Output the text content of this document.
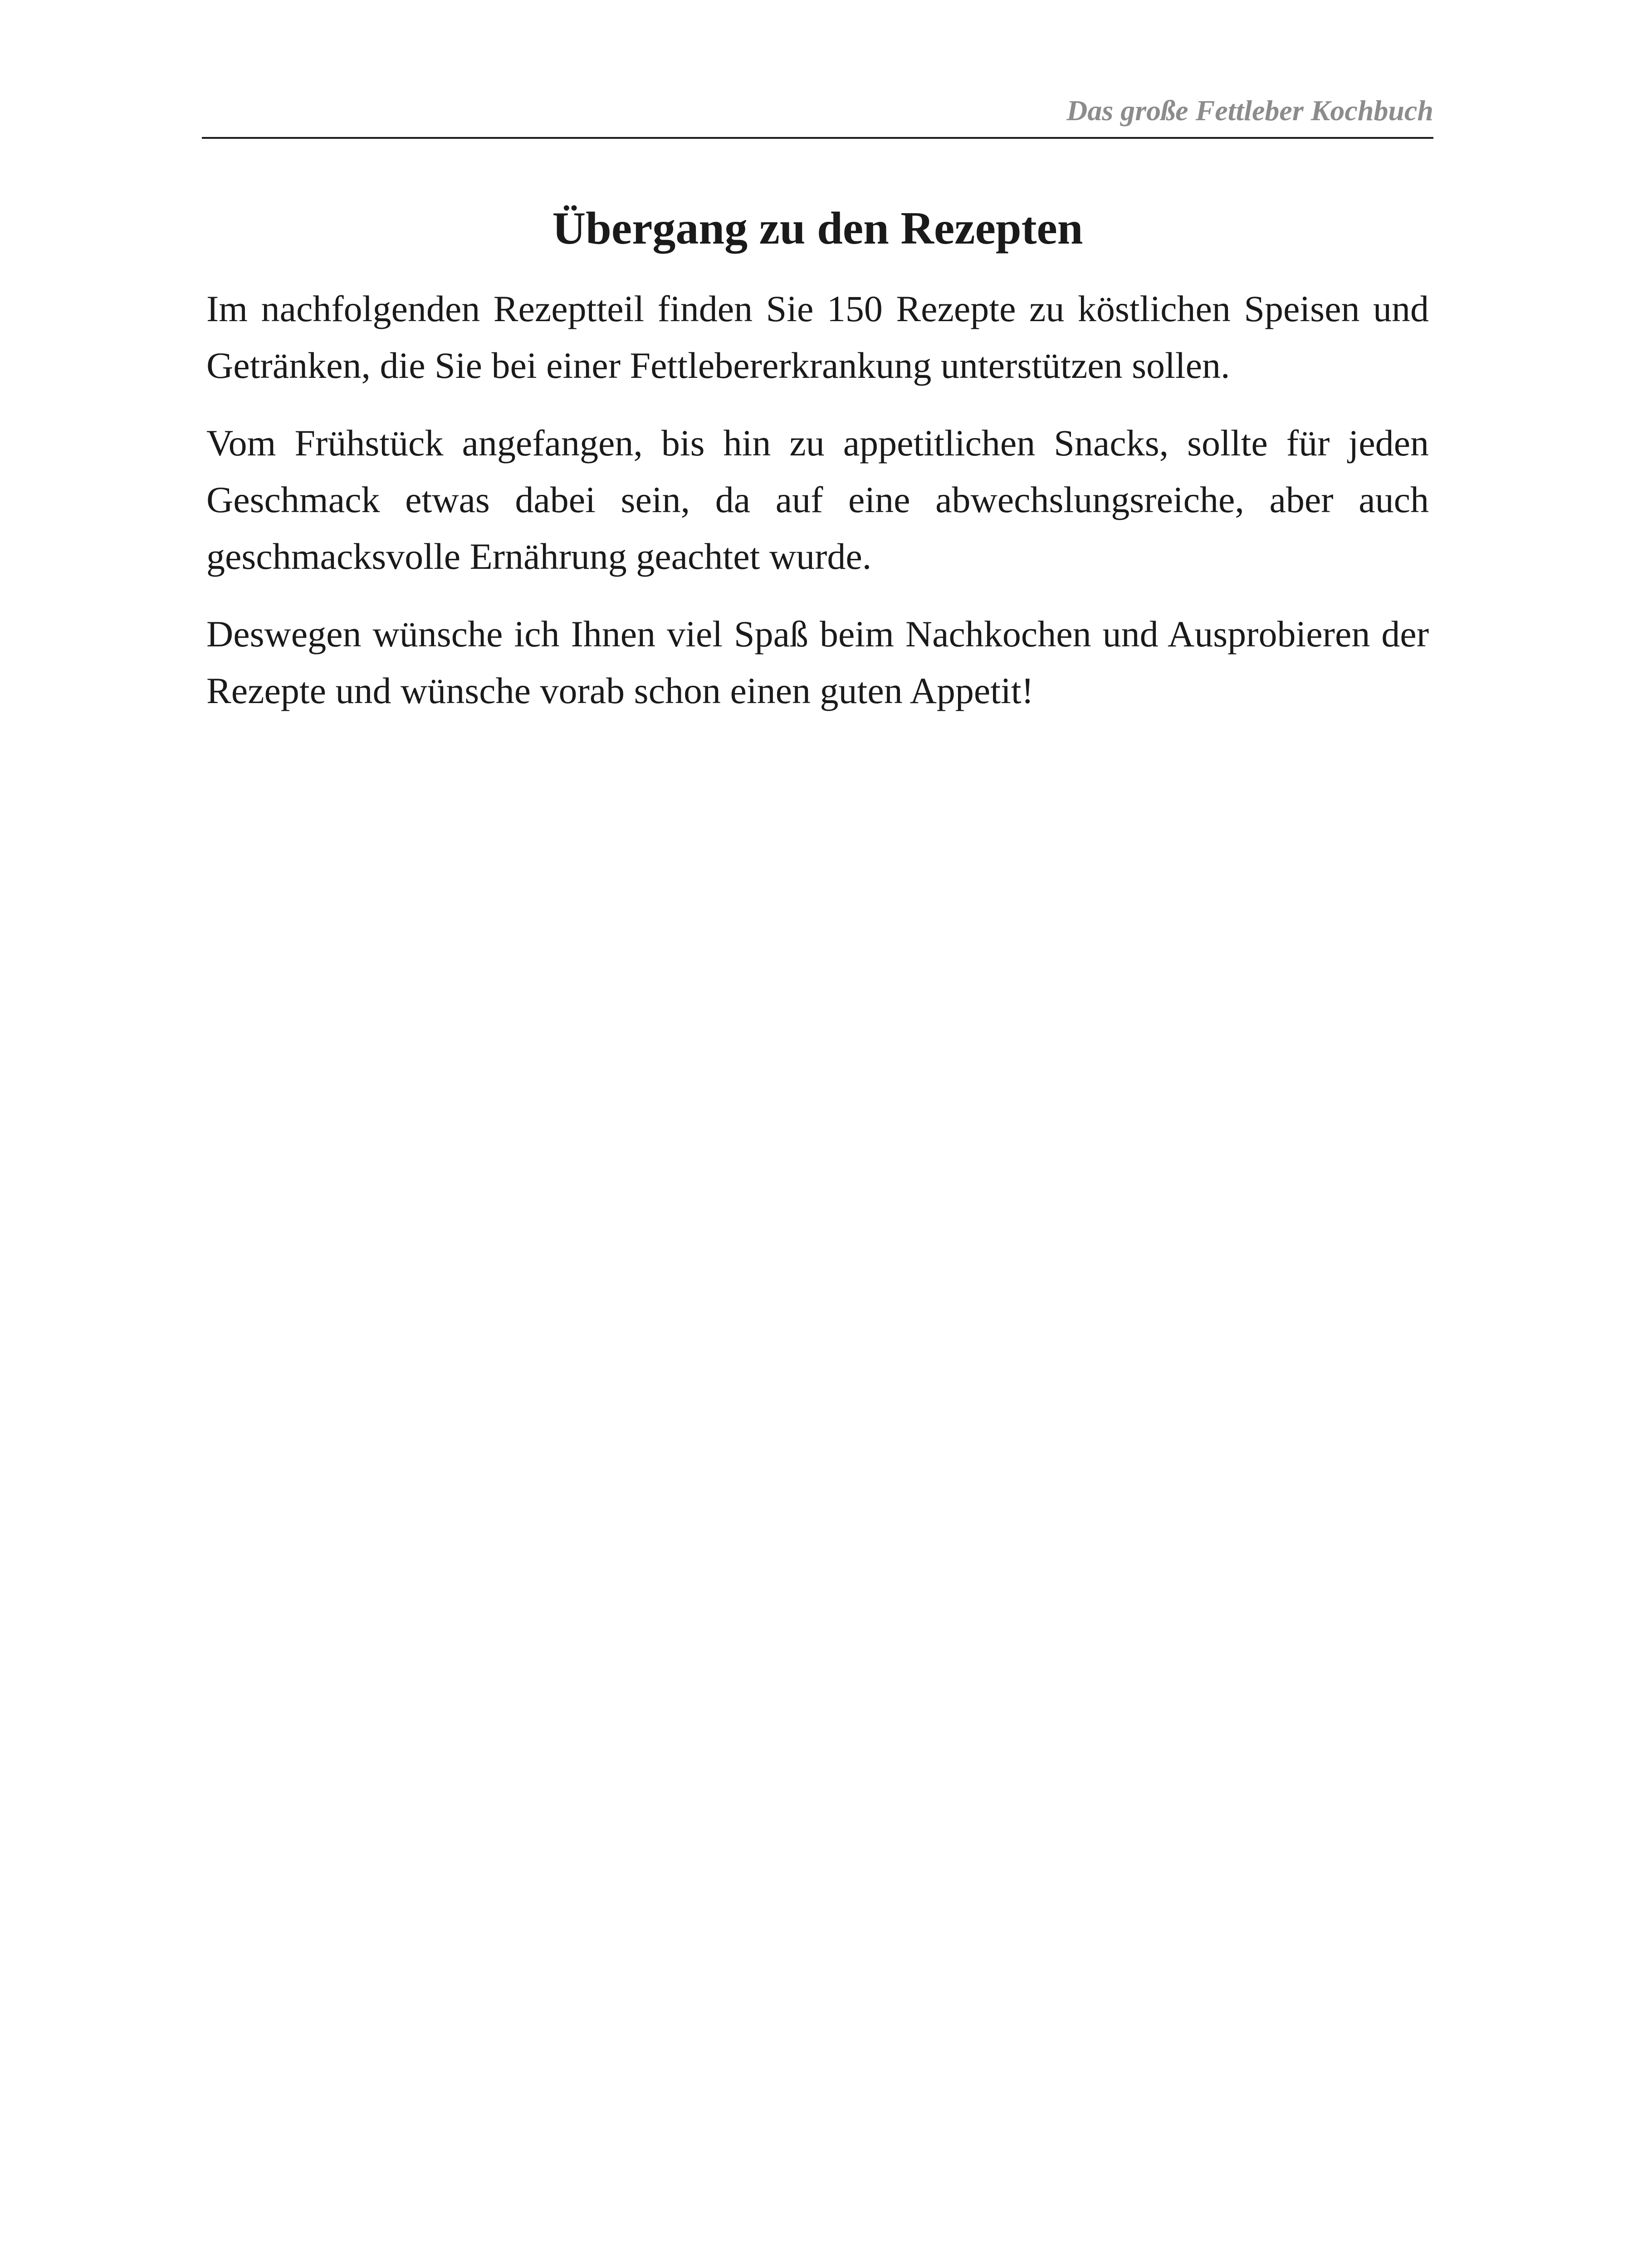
Das große Fettleber Kochbuch
Übergang zu den Rezepten

Im nachfolgenden Rezeptteil finden Sie 150 Rezepte zu köstlichen Speisen und Getränken, die Sie bei einer Fettlebererkrankung unterstützen sollen.

Vom Frühstück angefangen, bis hin zu appetitlichen Snacks, sollte für jeden Geschmack etwas dabei sein, da auf eine abwechslungsreiche, aber auch geschmacksvolle Ernährung geachtet wurde.

Deswegen wünsche ich Ihnen viel Spaß beim Nachkochen und Ausprobieren der Rezepte und wünsche vorab schon einen guten Appetit!
